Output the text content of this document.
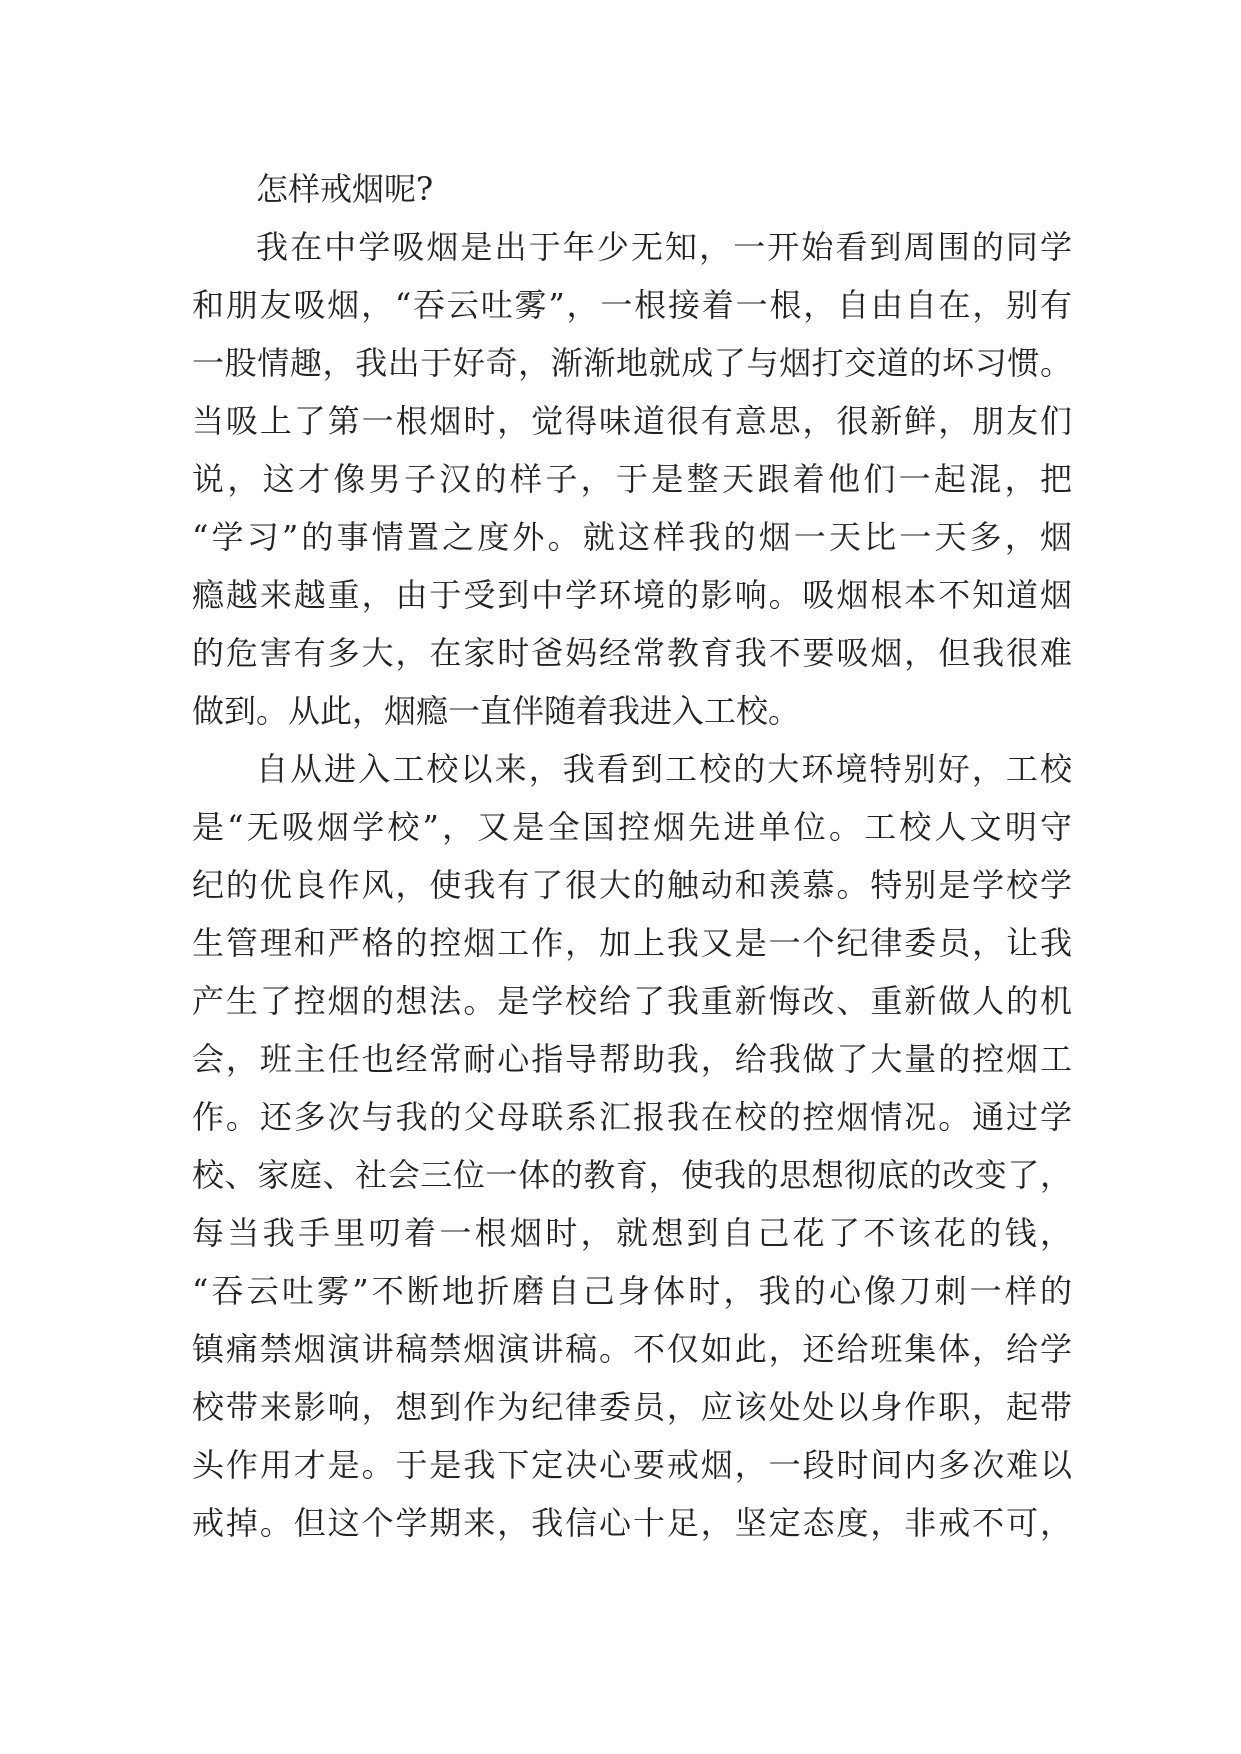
怎样戒烟呢?
我在中学吸烟是出于年少无知，一开始看到周围的同学
和朋友吸烟，“吞云吐雾”，一根接着一根，自由自在，别有
一股情趣，我出于好奇，渐渐地就成了与烟打交道的坏习惯。
当吸上了第一根烟时，觉得味道很有意思，很新鲜，朋友们
说，这才像男子汉的样子，于是整天跟着他们一起混，把
“学习”的事情置之度外。就这样我的烟一天比一天多，烟
瘾越来越重，由于受到中学环境的影响。吸烟根本不知道烟
的危害有多大，在家时爸妈经常教育我不要吸烟，但我很难
做到。从此，烟瘾一直伴随着我进入工校。
自从进入工校以来，我看到工校的大环境特别好，工校
是“无吸烟学校”，又是全国控烟先进单位。工校人文明守
纪的优良作风，使我有了很大的触动和羡慕。特别是学校学
生管理和严格的控烟工作，加上我又是一个纪律委员，让我
产生了控烟的想法。是学校给了我重新悔改、重新做人的机
会，班主任也经常耐心指导帮助我，给我做了大量的控烟工
作。还多次与我的父母联系汇报我在校的控烟情况。通过学
校、家庭、社会三位一体的教育，使我的思想彻底的改变了，
每当我手里叨着一根烟时，就想到自己花了不该花的钱，
“吞云吐雾”不断地折磨自己身体时，我的心像刀刺一样的
镇痛禁烟演讲稿禁烟演讲稿。不仅如此，还给班集体，给学
校带来影响，想到作为纪律委员，应该处处以身作职，起带
头作用才是。于是我下定决心要戒烟，一段时间内多次难以
戒掉。但这个学期来，我信心十足，坚定态度，非戒不可，
